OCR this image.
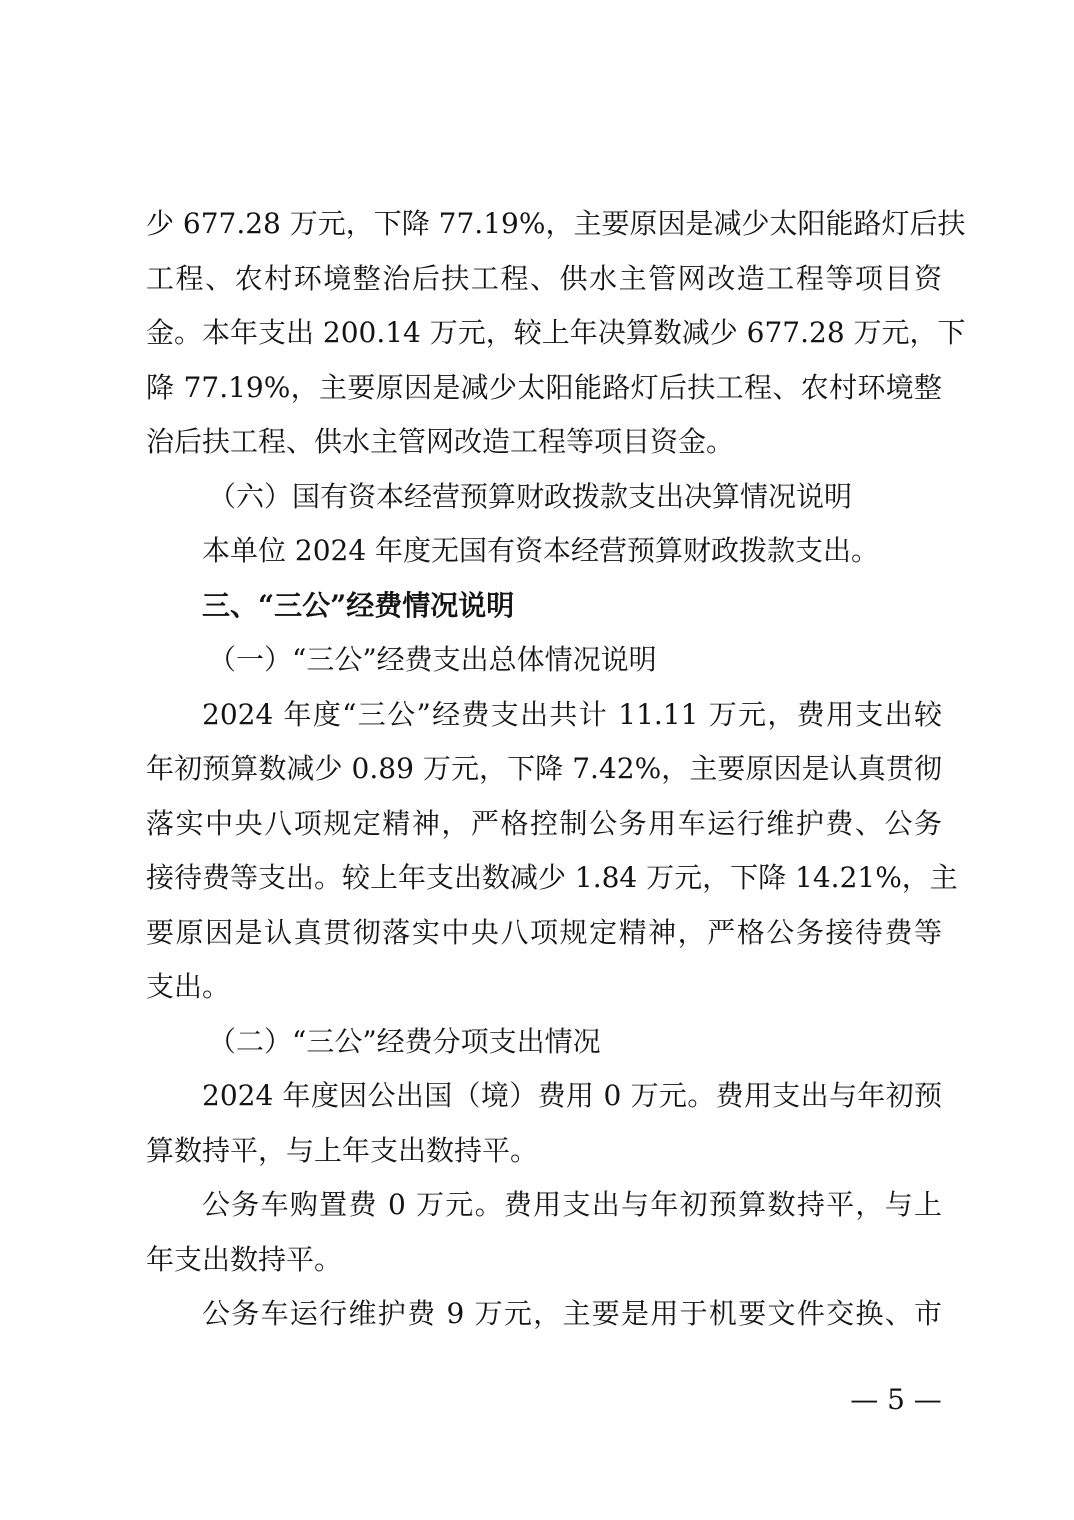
少 677.28 万元，下降 77.19%，主要原因是减少太阳能路灯后扶
工程、农村环境整治后扶工程、供水主管网改造工程等项目资
金。本年支出 200.14 万元，较上年决算数减少 677.28 万元，下
降 77.19%，主要原因是减少太阳能路灯后扶工程、农村环境整
治后扶工程、供水主管网改造工程等项目资金。
（六）国有资本经营预算财政拨款支出决算情况说明
本单位 2024 年度无国有资本经营预算财政拨款支出。
三、“三公”经费情况说明
（一）“三公”经费支出总体情况说明
2024 年度“三公”经费支出共计 11.11 万元，费用支出较
年初预算数减少 0.89 万元，下降 7.42%，主要原因是认真贯彻
落实中央八项规定精神，严格控制公务用车运行维护费、公务
接待费等支出。较上年支出数减少 1.84 万元，下降 14.21%，主
要原因是认真贯彻落实中央八项规定精神，严格公务接待费等
支出。
（二）“三公”经费分项支出情况
2024 年度因公出国（境）费用 0 万元。费用支出与年初预
算数持平，与上年支出数持平。
公务车购置费 0 万元。费用支出与年初预算数持平，与上
年支出数持平。
公务车运行维护费 9 万元，主要是用于机要文件交换、市
— 5 —
